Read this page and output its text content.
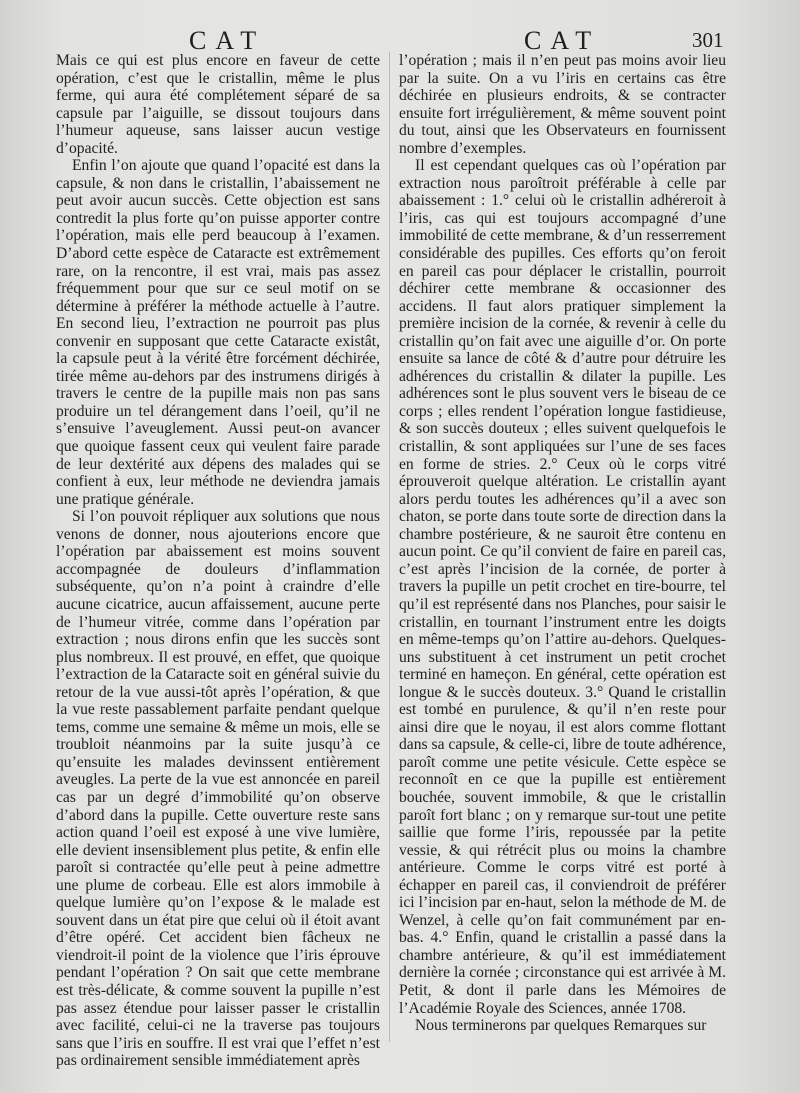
CAT	CAT	301

Mais ce qui est plus encore en faveur de cette opération, c’est que le cristallin, même le plus ferme, qui aura été complétement séparé de sa capsule par l’aiguille, se dissout toujours dans l’humeur aqueuse, sans laisser aucun vestige d’opacité.

Enfin l’on ajoute que quand l’opacité est dans la capsule, & non dans le cristallin, l’abaissement ne peut avoir aucun succès. Cette objection est sans contredit la plus forte qu’on puisse apporter contre l’opération, mais elle perd beaucoup à l’examen. D’abord cette espèce de Cataracte est extrêmement rare, on la rencontre, il est vrai, mais pas assez fréquemment pour que sur ce seul motif on se détermine à préférer la méthode actuelle à l’autre. En second lieu, l’extraction ne pourroit pas plus convenir en supposant que cette Cataracte existât, la capsule peut à la vérité être forcément déchirée, tirée même au-dehors par des instrumens dirigés à travers le centre de la pupille mais non pas sans produire un tel dérangement dans l’oeil, qu’il ne s’ensuive l’aveuglement. Aussi peut-on avancer que quoique fassent ceux qui veulent faire parade de leur dextérité aux dépens des malades qui se confient à eux, leur méthode ne deviendra jamais une pratique générale.

Si l’on pouvoit répliquer aux solutions que nous venons de donner, nous ajouterions encore que l’opération par abaissement est moins souvent accompagnée de douleurs d’inflammation subséquente, qu’on n’a point à craindre d’elle aucune cicatrice, aucun affaissement, aucune perte de l’humeur vitrée, comme dans l’opération par extraction ; nous dirons enfin que les succès sont plus nombreux. Il est prouvé, en effet, que quoique l’extraction de la Cataracte soit en général suivie du retour de la vue aussi-tôt après l’opération, & que la vue reste passablement parfaite pendant quelque tems, comme une semaine & même un mois, elle se troubloit néanmoins par la suite jusqu’à ce qu’ensuite les malades devinssent entièrement aveugles. La perte de la vue est annoncée en pareil cas par un degré d’immobilité qu’on observe d’abord dans la pupille. Cette ouverture reste sans action quand l’oeil est exposé à une vive lumière, elle devient insensiblement plus petite, & enfin elle paroît si contractée qu’elle peut à peine admettre une plume de corbeau. Elle est alors immobile à quelque lumière qu’on l’expose & le malade est souvent dans un état pire que celui où il étoit avant d’être opéré. Cet accident bien fâcheux ne viendroit-il point de la violence que l’iris éprouve pendant l’opération ? On sait que cette membrane est très-délicate, & comme souvent la pupille n’est pas assez étendue pour laisser passer le cristallin avec facilité, celui-ci ne la traverse pas toujours sans que l’iris en souffre. Il est vrai que l’effet n’est pas ordinairement sensible immédiatement après

l’opération ; mais il n’en peut pas moins avoir lieu par la suite. On a vu l’iris en certains cas être déchirée en plusieurs endroits, & se contracter ensuite fort irrégulièrement, & même souvent point du tout, ainsi que les Observateurs en fournissent nombre d’exemples.

Il est cependant quelques cas où l’opération par extraction nous paroîtroit préférable à celle par abaissement : 1.° celui où le cristallin adhéreroit à l’iris, cas qui est toujours accompagné d’une immobilité de cette membrane, & d’un resserrement considérable des pupilles. Ces efforts qu’on feroit en pareil cas pour déplacer le cristallin, pourroit déchirer cette membrane & occasionner des accidens. Il faut alors pratiquer simplement la première incision de la cornée, & revenir à celle du cristallin qu’on fait avec une aiguille d’or. On porte ensuite sa lance de côté & d’autre pour détruire les adhérences du cristallin & dilater la pupille. Les adhérences sont le plus souvent vers le biseau de ce corps ; elles rendent l’opération longue fastidieuse, & son succès douteux ; elles suivent quelquefois le cristallin, & sont appliquées sur l’une de ses faces en forme de stries. 2.° Ceux où le corps vitré éprouveroit quelque altération. Le cristallin ayant alors perdu toutes les adhérences qu’il a avec son chaton, se porte dans toute sorte de direction dans la chambre postérieure, & ne sauroit être contenu en aucun point. Ce qu’il convient de faire en pareil cas, c’est après l’incision de la cornée, de porter à travers la pupille un petit crochet en tire-bourre, tel qu’il est représenté dans nos Planches, pour saisir le cristallin, en tournant l’instrument entre les doigts en même-temps qu’on l’attire au-dehors. Quelques-uns substituent à cet instrument un petit crochet terminé en hameçon. En général, cette opération est longue & le succès douteux. 3.° Quand le cristallin est tombé en purulence, & qu’il n’en reste pour ainsi dire que le noyau, il est alors comme flottant dans sa capsule, & celle-ci, libre de toute adhérence, paroît comme une petite vésicule. Cette espèce se reconnoît en ce que la pupille est entièrement bouchée, souvent immobile, & que le cristallin paroît fort blanc ; on y remarque sur-tout une petite saillie que forme l’iris, repoussée par la petite vessie, & qui rétrécit plus ou moins la chambre antérieure. Comme le corps vitré est porté à échapper en pareil cas, il conviendroit de préférer ici l’incision par en-haut, selon la méthode de M. de Wenzel, à celle qu’on fait communément par en-bas. 4.° Enfin, quand le cristallin a passé dans la chambre antérieure, & qu’il est immédiatement dernière la cornée ; circonstance qui est arrivée à M. Petit, & dont il parle dans les Mémoires de l’Académie Royale des Sciences, année 1708.

Nous terminerons par quelques Remarques sur
